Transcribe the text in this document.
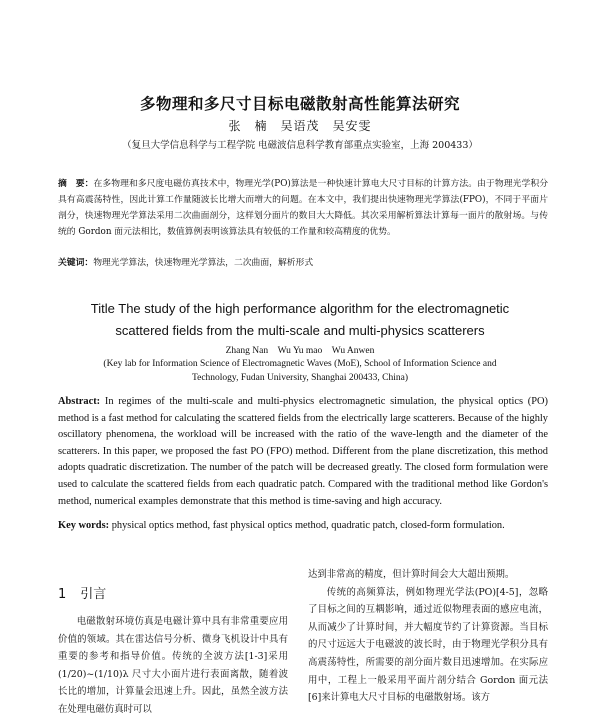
多物理和多尺寸目标电磁散射高性能算法研究
张　楠　吴语茂　吴安雯
（复旦大学信息科学与工程学院 电磁波信息科学教育部重点实验室，上海 200433）
摘　要：在多物理和多尺度电磁仿真技术中，物理光学(PO)算法是一种快速计算电大尺寸目标的计算方法。由于物理光学积分具有高震荡特性，因此计算工作量随波长比增大而增大的问题。在本文中，我们提出快速物理光学算法(FPO)，不同于平面片剖分，快速物理光学算法采用二次曲面剖分，这样划分面片的数目大大降低。其次采用解析算法计算每一面片的散射场。与传统的 Gordon 面元法相比，数值算例表明该算法具有较低的工作量和较高精度的优势。
关键词：物理光学算法，快速物理光学算法，二次曲面，解析形式
Title The study of the high performance algorithm for the electromagnetic
scattered fields from the multi-scale and multi-physics scatterers
Zhang Nan　Wu Yu mao　Wu Anwen
(Key lab for Information Science of Electromagnetic Waves (MoE), School of Information Science and
Technology, Fudan University, Shanghai 200433, China)
Abstract: In regimes of the multi-scale and multi-physics electromagnetic simulation, the physical optics (PO) method is a fast method for calculating the scattered fields from the electrically large scatterers. Because of the highly oscillatory phenomena, the workload will be increased with the ratio of the wave-length and the diameter of the scatterers. In this paper, we proposed the fast PO (FPO) method. Different from the plane discretization, this method adopts quadratic discretization. The number of the patch will be decreased greatly. The closed form formulation were used to calculate the scattered fields from each quadratic patch. Compared with the traditional method like Gordon's method, numerical examples demonstrate that this method is time-saving and high accuracy.
Key words: physical optics method, fast physical optics method, quadratic patch, closed-form formulation.
1 引言

电磁散射环境仿真是电磁计算中具有非常重要应用价值的领域。其在雷达信号分析、微身飞机设计中具有重要的参考和指导价值。传统的全波方法[1-3]采用(1/20)~(1/10)λ 尺寸大小面片进行表面离散，随着波长比的增加，计算量会迅速上升。因此，虽然全波方法在处理电磁仿真时可以

达到非常高的精度，但计算时间会大大超出预期。

传统的高频算法，例如物理光学法(PO)[4-5]，忽略了目标之间的互耦影响，通过近似物理表面的感应电流，从而减少了计算时间，并大幅度节约了计算资源。当目标的尺寸远远大于电磁波的波长时，由于物理光学积分具有高震荡特性，所需要的剖分面片数目迅速增加。在实际应用中，工程上一般采用平面片剖分结合 Gordon 面元法[6]来计算电大尺寸目标的电磁散射场。该方
